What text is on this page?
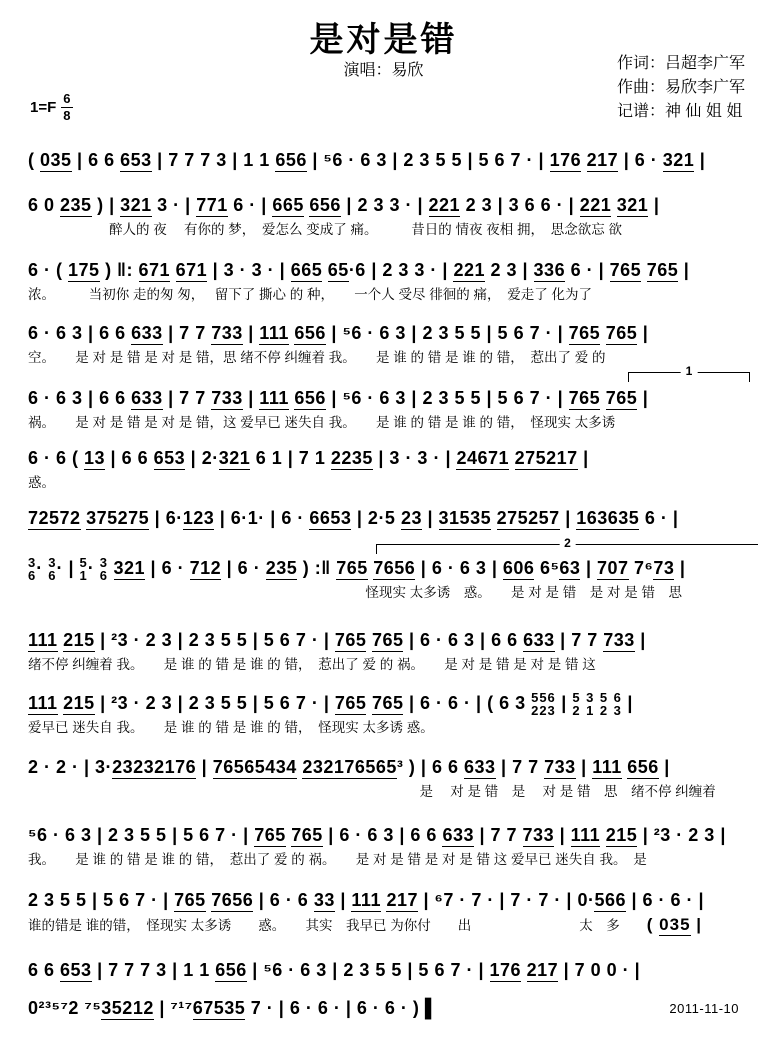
是对是错
演唱：易欣	作词：吕超李广军
作曲：易欣李广军
记谱：神 仙 姐 姐
$1=F \frac{6}{8}$
( 035 | 6 6 653 | 7 7 7 3 | 1 1 656 | ⁵6 · 6 3 | 2 3 5 5 | 5 6 7 · | 176 217 | 6 · 321 |
6 0 235 ) | 321 3 · | 771 6 · | 665 656 | 2 3 3 · | 221 2 3 | 3 6 6 · | 221 321 |
　　　　　　醉人的 夜　 有你的 梦，　爱怎么 变成了 痛。　　　昔日的 情夜 夜相 拥，　思念欲忘 欲
6 · ( 175 ) ‖: 671 671 | 3 · 3 · | 665 65·6 | 2 3 3 · | 221 2 3 | 336 6 · | 765 765 |
浓。　　　当初你 走的匆 匆，　 留下了 撕心 的 种，　　一个人 受尽 徘徊的 痛，　爱走了 化为了
6 · 6 3 | 6 6 633 | 7 7 733 | 111 656 | ⁵6 · 6 3 | 2 3 5 5 | 5 6 7 · | 765 765 |
空。　　是 对 是 错 是 对 是 错，思 绪不停 纠缠着 我。　　是 谁 的 错 是 谁 的 错，　惹出了 爱 的
6 · 6 3 | 6 6 633 | 7 7 733 | 111 656 | ⁵6 · 6 3 | 2 3 5 5 | 5 6 7 · | 765 765 |
祸。　　是 对 是 错 是 对 是 错，这 爱早已 迷失自 我。　　是 谁 的 错 是 谁 的 错，　怪现实 太多诱
6 · 6 ( 13 | 6 6 653 | 2·321 6 1 | 7 1 2235 | 3 · 3 · | 24671 275217 |
惑。
72572 375275 | 6·123 | 6·1· | 6 · 6653 | 2·5 23 | 31535 275257 | 163635 6 · |
3
6 · 3
6 · | 5
1 · 3
6 321 | 6 · 712 | 6 · 235 ) :‖ 765 7656 | 6 · 6 3 | 606 6⁵63 | 707 7⁶73 |
　　　　　　　　　　　　　　　　　　　　　　　　　怪现实 太多诱　惑。　　是 对 是 错　是 对 是 错　思
111 215 | ²3 · 2 3 | 2 3 5 5 | 5 6 7 · | 765 765 | 6 · 6 3 | 6 6 633 | 7 7 733 |
绪不停 纠缠着 我。　　是 谁 的 错 是 谁 的 错，　惹出了 爱 的 祸。　　是 对 是 错 是 对 是 错 这
111 215 | ²3 · 2 3 | 2 3 5 5 | 5 6 7 · | 765 765 | 6 · 6 · | ( 6 3 556
223 | 5
2

3
1

5
2

6
3 |
爱早已 迷失自 我。　　是 谁 的 错 是 谁 的 错，　怪现实 太多诱 惑。
2 · 2 · | 3·23232176 | 76565434 232176565³ ) | 6 6 633 | 7 7 733 | 111 656 |
　　　　　　　　　　　　　　　　　　　　　　　　　　　　　是　 对 是 错　是　 对 是 错　思　绪不停 纠缠着
⁵6 · 6 3 | 2 3 5 5 | 5 6 7 · | 765 765 | 6 · 6 3 | 6 6 633 | 7 7 733 | 111 215 | ²3 · 2 3 |
我。　　是 谁 的 错 是 谁 的 错，　惹出了 爱 的 祸。　　是 对 是 错 是 对 是 错 这 爱早已 迷失自 我。　是
2 3 5 5 | 5 6 7 · | 765 7656 | 6 · 6 33 | 111 217 | ⁶7 · 7 · | 7 · 7 · | 0·566 | 6 · 6 · |
谁的错是 谁的错，　怪现实 太多诱　　惑。　　其实　我早已 为你付　　出　　　　　　　　太　多　　( 035 |
6 6 653 | 7 7 7 3 | 1 1 656 | ⁵6 · 6 3 | 2 3 5 5 | 5 6 7 · | 176 217 | 7 0 0 · |
0²³⁵⁷2 ⁷⁵35212 | ⁷¹⁷67535 7 · | 6 · 6 · | 6 · 6 · ) ▌
1
2
2011-11-10
